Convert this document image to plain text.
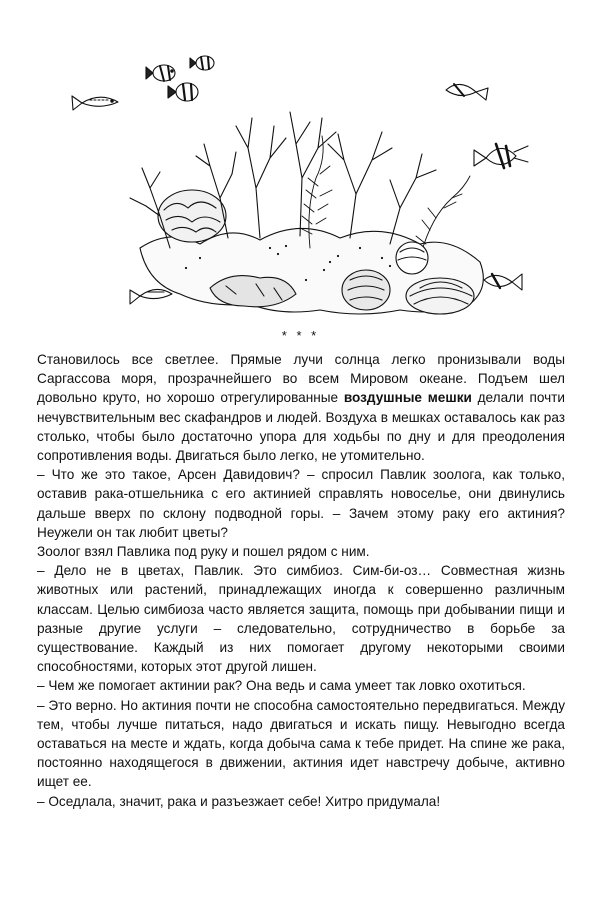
* * *

Становилось все светлее. Прямые лучи солнца легко пронизывали воды Саргассова моря, прозрачнейшего во всем Мировом океане. Подъем шел довольно круто, но хорошо отрегулированные воздушные мешки делали почти нечувствительным вес скафандров и людей. Воздуха в мешках оставалось как раз столько, чтобы было достаточно упора для ходьбы по дну и для преодоления сопротивления воды. Двигаться было легко, не утомительно.

– Что же это такое, Арсен Давидович? – спросил Павлик зоолога, как только, оставив рака-отшельника с его актинией справлять новоселье, они двинулись дальше вверх по склону подводной горы. – Зачем этому раку его актиния? Неужели он так любит цветы?

Зоолог взял Павлика под руку и пошел рядом с ним.

– Дело не в цветах, Павлик. Это симбиоз. Сим-би-оз… Совместная жизнь животных или растений, принадлежащих иногда к совершенно различным классам. Целью симбиоза часто является защита, помощь при добывании пищи и разные другие услуги – следовательно, сотрудничество в борьбе за существование. Каждый из них помогает другому некоторыми своими способностями, которых этот другой лишен.

– Чем же помогает актинии рак? Она ведь и сама умеет так ловко охотиться.

– Это верно. Но актиния почти не способна самостоятельно передвигаться. Между тем, чтобы лучше питаться, надо двигаться и искать пищу. Невыгодно всегда оставаться на месте и ждать, когда добыча сама к тебе придет. На спине же рака, постоянно находящегося в движении, актиния идет навстречу добыче, активно ищет ее.

– Оседлала, значит, рака и разъезжает себе! Хитро придумала!
